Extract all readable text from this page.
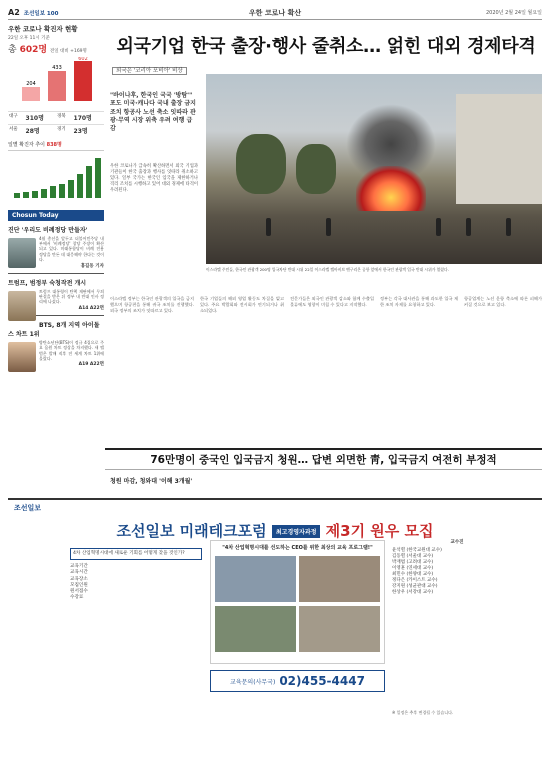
A2 조선일보 100	우한 코로나 확산	2020년 2월 24일 월요일
우한 코로나 확진자 현황
22일 오후 11시 기준
총 602명 전일 대비 +169명
204
433
602
대구	310명	경북	170명
서울	28명	경기	23명
일별 확진자 추이 838명
Chosun Today
진단 '우리도 비례정당 만들자'
4월 총선을 앞두고 더불어민주당 내부에서 '비례정당' 창당 주장이 확산되고 있다. 미래통합당이 비례 전용 정당을 만든 데 대응해야 한다는 것이다.
홍길동 기자
트럼프, 범정부 숙청작전 개시
트럼프 대통령이 탄핵 재판에서 무죄 판결을 받은 뒤 정부 내 반대 인사 정리에 나섰다.
A14 A22면
BTS, 8개 지역 아이돌스 차트 1위
방탄소년단(BTS)이 정규 4집으로 주요 음원 차트 정상을 차지했다. 새 앨범은 발매 직후 전 세계 차트 1위에 올랐다.
A19 A22면
외국기업 한국 출장·행사 줄취소… 얽힌 대외 경제타격
외국은 '코리아 포비아' 비상
"바이나후, 한국인 국국 '방탐'" 포도 미국·캐나다 국내 출장 금지 조치 항공사 노선 축소 잇따라 관광·무역 시장 위축 우려 여행 급감
우한 코로나가 급속히 확산하면서 외국 기업과 기관들이 한국 출장과 행사를 잇따라 취소하고 있다. 일부 국가는 한국인 입국을 제한하거나 격리 조치를 시행하고 있어 대외 경제에 타격이 우려된다.
이스라엘 주민들, 한국인 관광객 200명 입국차단 반대 시위 22일 이스라엘 텔아비브 벤구리온 공항 앞에서 한국인 관광객 입국 반대 시위가 열렸다.
이스라엘 정부는 한국인 관광객의 입국을 금지했으며 항공편을 통해 귀국 조치를 진행했다. 외국 정부의 조치가 잇따르고 있다.
한국 기업들의 해외 영업 활동도 차질을 빚고 있다. 주요 박람회와 전시회가 연기되거나 취소되었다.
전문가들은 외국인 관광객 감소와 함께 수출입 물류에도 영향이 미칠 수 있다고 지적했다.
정부는 각국 대사관을 통해 과도한 입국 제한 조치 자제를 요청하고 있다.
항공업계는 노선 운항 축소에 따른 피해가 커질 것으로 보고 있다.
76만명이 중국인 입국금지 청원… 답변 외면한 靑, 입국금지 여전히 부정적
청원 마감, 청와대 '이해 3개월'
조선일보
조선일보 미래테크포럼 최고경영자과정 제3기 원우 모집
4차 산업혁명시대에 새로운 기회를 어떻게 찾을 것인가?
교육기간
교육시간
교육장소
모집인원
원서접수
수강료
"4차 산업혁명시대를 선도하는 CEO를 위한 최상의 교육 프로그램!"
교육문의(사무국) 02)455-4447
교수진
윤석렬 (한국교원대 교수)
김동렬 (서울대 교수)
박재범 (고려대 교수)
이영훈 (연세대 교수)
최민수 (한양대 교수)
정다은 (카이스트 교수)
강지원 (성균관대 교수)
한상우 (서강대 교수)
※ 일정은 추후 변경될 수 있습니다.
